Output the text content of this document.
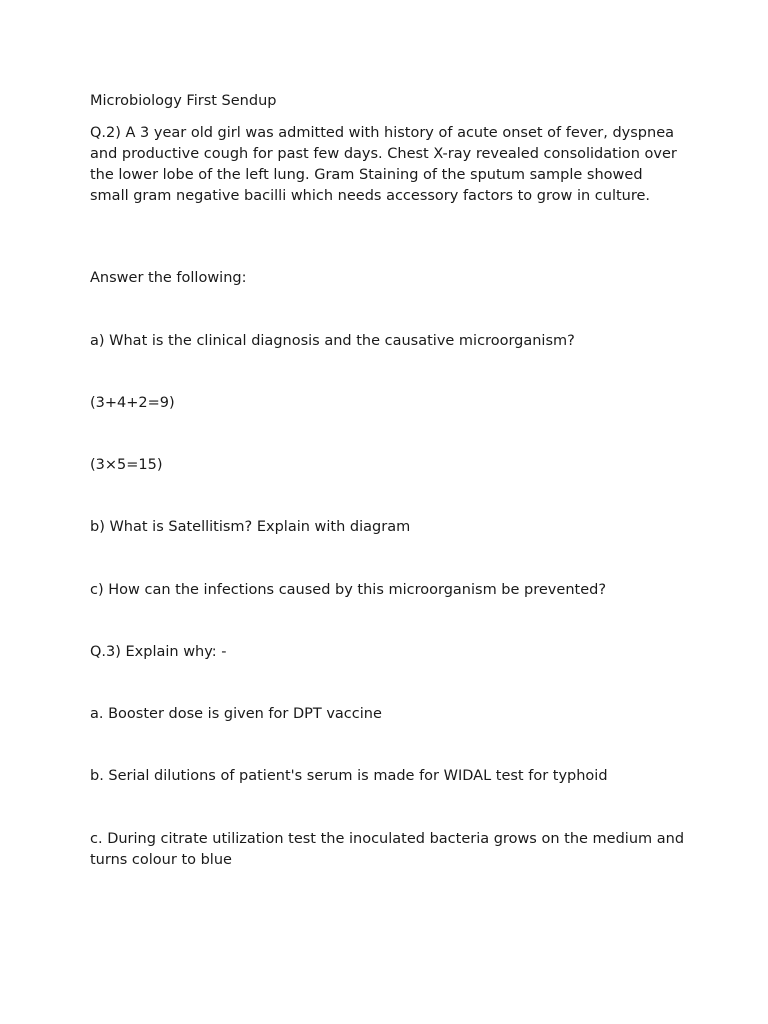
Microbiology First Sendup

Q.2) A 3 year old girl was admitted with history of acute onset of fever, dyspnea and productive cough for past few days. Chest X-ray revealed consolidation over the lower lobe of the left lung. Gram Staining of the sputum sample showed small gram negative bacilli which needs accessory factors to grow in culture.

Answer the following:

a) What is the clinical diagnosis and the causative microorganism?

(3+4+2=9)

(3×5=15)

b) What is Satellitism? Explain with diagram

c) How can the infections caused by this microorganism be prevented?

Q.3) Explain why: -

a. Booster dose is given for DPT vaccine

b. Serial dilutions of patient's serum is made for WIDAL test for typhoid

c. During citrate utilization test the inoculated bacteria grows on the medium and turns colour to blue
